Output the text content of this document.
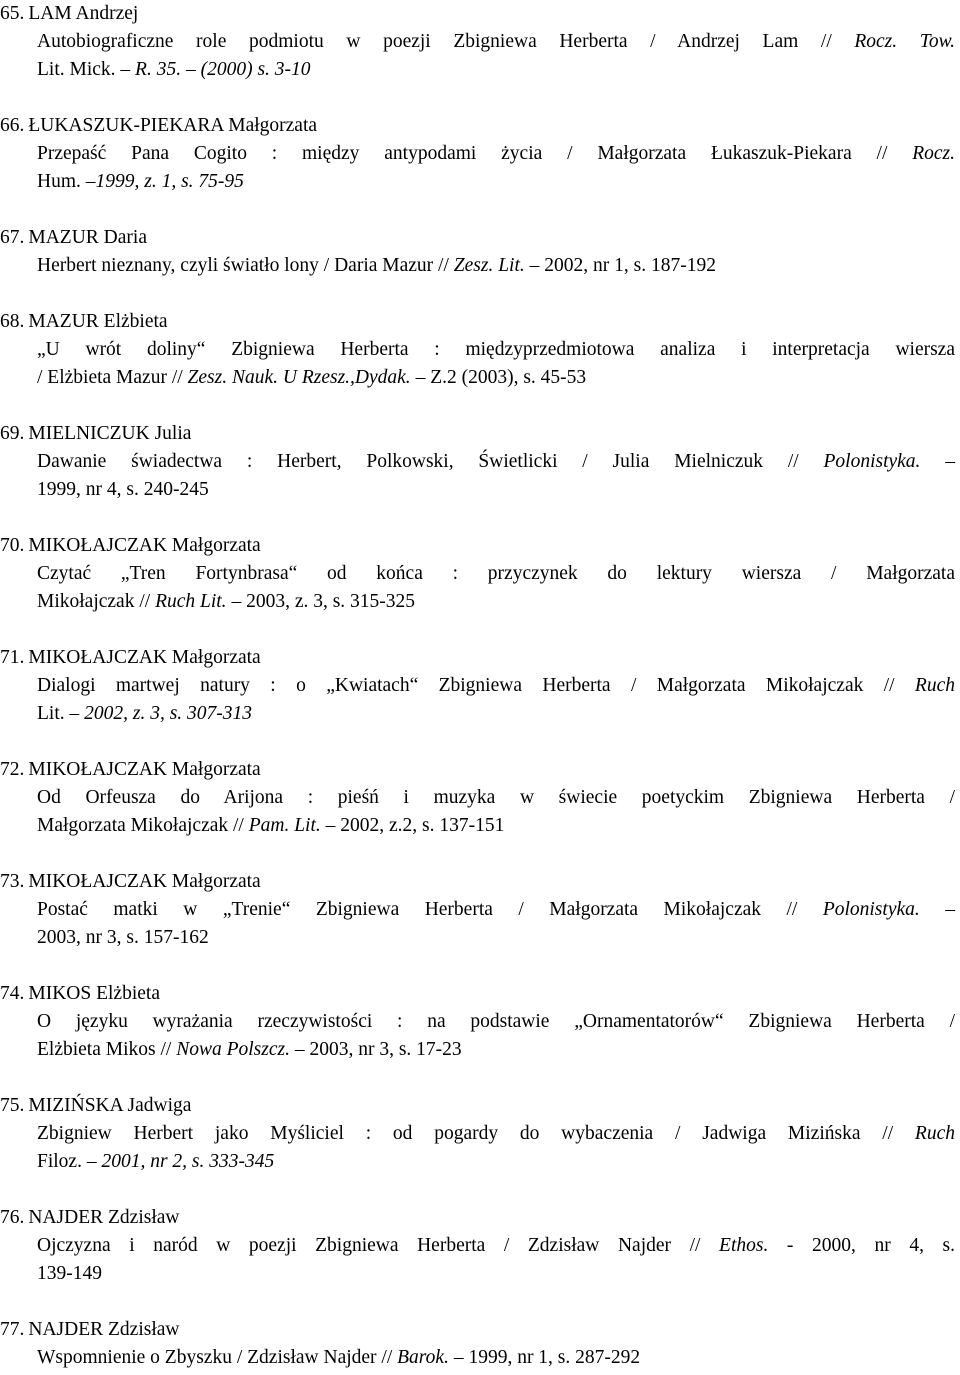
65. LAM Andrzej
Autobiograficzne role podmiotu w poezji Zbigniewa Herberta / Andrzej Lam // Rocz. Tow.
Lit. Mick. – R. 35. – (2000) s. 3-10
66. ŁUKASZUK-PIEKARA Małgorzata
Przepaść Pana Cogito : między antypodami życia / Małgorzata Łukaszuk-Piekara // Rocz.
Hum. –1999, z. 1, s. 75-95
67. MAZUR Daria
Herbert nieznany, czyli światło lony / Daria Mazur // Zesz. Lit. – 2002, nr 1, s. 187-192
68. MAZUR Elżbieta
„U wrót doliny“ Zbigniewa Herberta : międzyprzedmiotowa analiza i interpretacja wiersza
/ Elżbieta Mazur // Zesz. Nauk. U Rzesz.,Dydak. – Z.2 (2003), s. 45-53
69. MIELNICZUK Julia
Dawanie świadectwa : Herbert, Polkowski, Świetlicki / Julia Mielniczuk // Polonistyka. –
1999, nr 4, s. 240-245
70. MIKOŁAJCZAK Małgorzata
Czytać „Tren Fortynbrasa“ od końca : przyczynek do lektury wiersza / Małgorzata
Mikołajczak // Ruch Lit. – 2003, z. 3, s. 315-325
71. MIKOŁAJCZAK Małgorzata
Dialogi martwej natury : o „Kwiatach“ Zbigniewa Herberta / Małgorzata Mikołajczak // Ruch
Lit. – 2002, z. 3, s. 307-313
72. MIKOŁAJCZAK Małgorzata
Od Orfeusza do Arijona : pieśń i muzyka w świecie poetyckim Zbigniewa Herberta /
Małgorzata Mikołajczak // Pam. Lit. – 2002, z.2, s. 137-151
73. MIKOŁAJCZAK Małgorzata
Postać matki w „Trenie“ Zbigniewa Herberta / Małgorzata Mikołajczak // Polonistyka. –
2003, nr 3, s. 157-162
74. MIKOS Elżbieta
O języku wyrażania rzeczywistości : na podstawie „Ornamentatorów“ Zbigniewa Herberta /
Elżbieta Mikos // Nowa Polszcz. – 2003, nr 3, s. 17-23
75. MIZIŃSKA Jadwiga
Zbigniew Herbert jako Myśliciel : od pogardy do wybaczenia / Jadwiga Mizińska // Ruch
Filoz. – 2001, nr 2, s. 333-345
76. NAJDER Zdzisław
Ojczyzna i naród w poezji Zbigniewa Herberta / Zdzisław Najder // Ethos. - 2000, nr 4, s.
139-149
77. NAJDER Zdzisław
Wspomnienie o Zbyszku / Zdzisław Najder // Barok. – 1999, nr 1, s. 287-292
